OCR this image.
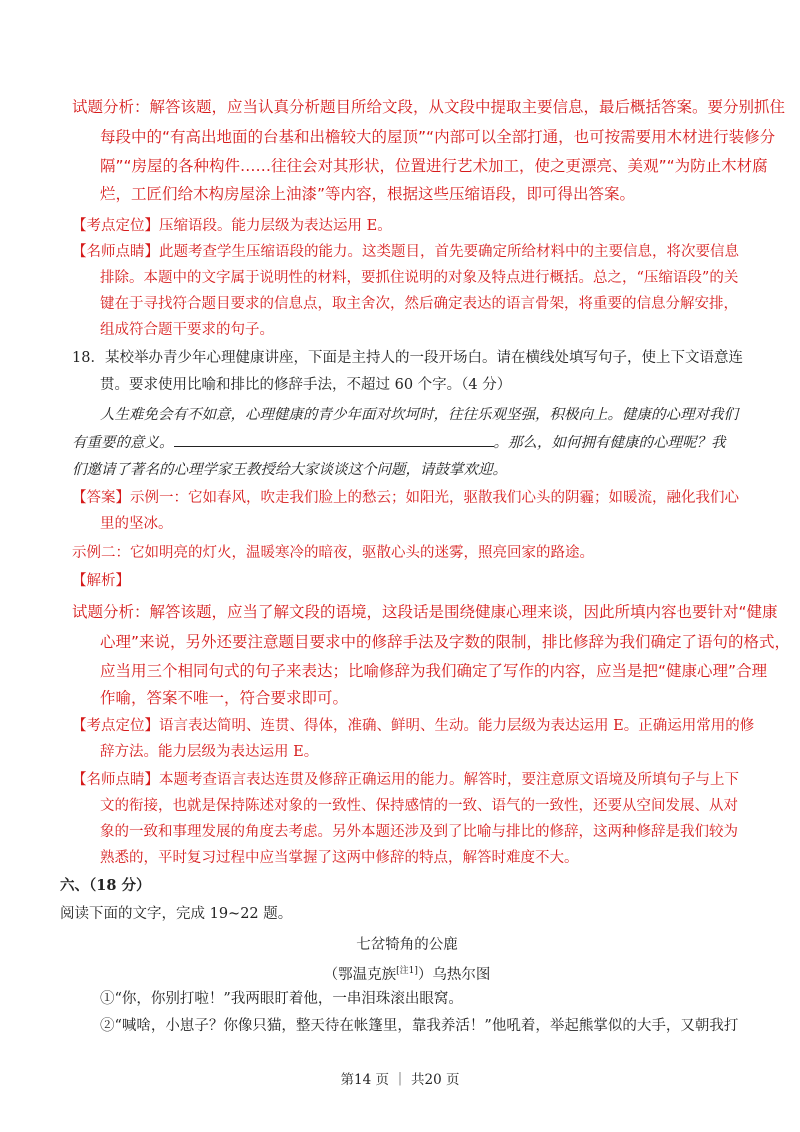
试题分析：解答该题，应当认真分析题目所给文段，从文段中提取主要信息，最后概括答案。要分别抓住
每段中的“有高出地面的台基和出檐较大的屋顶”“内部可以全部打通，也可按需要用木材进行装修分
隔”“房屋的各种构件……往往会对其形状，位置进行艺术加工，使之更漂亮、美观”“为防止木材腐
烂，工匠们给木构房屋涂上油漆”等内容，根据这些压缩语段，即可得出答案。
【考点定位】压缩语段。能力层级为表达运用 E。
【名师点睛】此题考查学生压缩语段的能力。这类题目，首先要确定所给材料中的主要信息，将次要信息
排除。本题中的文字属于说明性的材料，要抓住说明的对象及特点进行概括。总之，“压缩语段”的关
键在于寻找符合题目要求的信息点，取主舍次，然后确定表达的语言骨架，将重要的信息分解安排，
组成符合题干要求的句子。
18．某校举办青少年心理健康讲座，下面是主持人的一段开场白。请在横线处填写句子，使上下文语意连
贯。要求使用比喻和排比的修辞手法，不超过 60 个字。（4 分）
人生难免会有不如意，心理健康的青少年面对坎坷时，往往乐观坚强，积极向上。健康的心理对我们
有重要的意义。	。那么，如何拥有健康的心理呢？我
们邀请了著名的心理学家王教授给大家谈谈这个问题，请鼓掌欢迎。
【答案】示例一：它如春风，吹走我们脸上的愁云；如阳光，驱散我们心头的阴霾；如暖流，融化我们心
里的坚冰。
示例二：它如明亮的灯火，温暖寒冷的暗夜，驱散心头的迷雾，照亮回家的路途。
【解析】
试题分析：解答该题，应当了解文段的语境，这段话是围绕健康心理来谈，因此所填内容也要针对“健康
心理”来说，另外还要注意题目要求中的修辞手法及字数的限制，排比修辞为我们确定了语句的格式，
应当用三个相同句式的句子来表达；比喻修辞为我们确定了写作的内容，应当是把“健康心理”合理
作喻，答案不唯一，符合要求即可。
【考点定位】语言表达简明、连贯、得体，准确、鲜明、生动。能力层级为表达运用 E。正确运用常用的修
辞方法。能力层级为表达运用 E。
【名师点睛】本题考查语言表达连贯及修辞正确运用的能力。解答时，要注意原文语境及所填句子与上下
文的衔接，也就是保持陈述对象的一致性、保持感情的一致、语气的一致性，还要从空间发展、从对
象的一致和事理发展的角度去考虑。另外本题还涉及到了比喻与排比的修辞，这两种修辞是我们较为
熟悉的，平时复习过程中应当掌握了这两中修辞的特点，解答时难度不大。
六、（18 分）
阅读下面的文字，完成 19~22 题。
七岔犄角的公鹿
（鄂温克族[注1]）乌热尔图
①“你，你别打啦！”我两眼盯着他，一串泪珠滚出眼窝。
②“喊啥，小崽子？你像只猫，整天待在帐篷里，靠我养活！”他吼着，举起熊掌似的大手，又朝我打
第14 页 ｜ 共20 页
